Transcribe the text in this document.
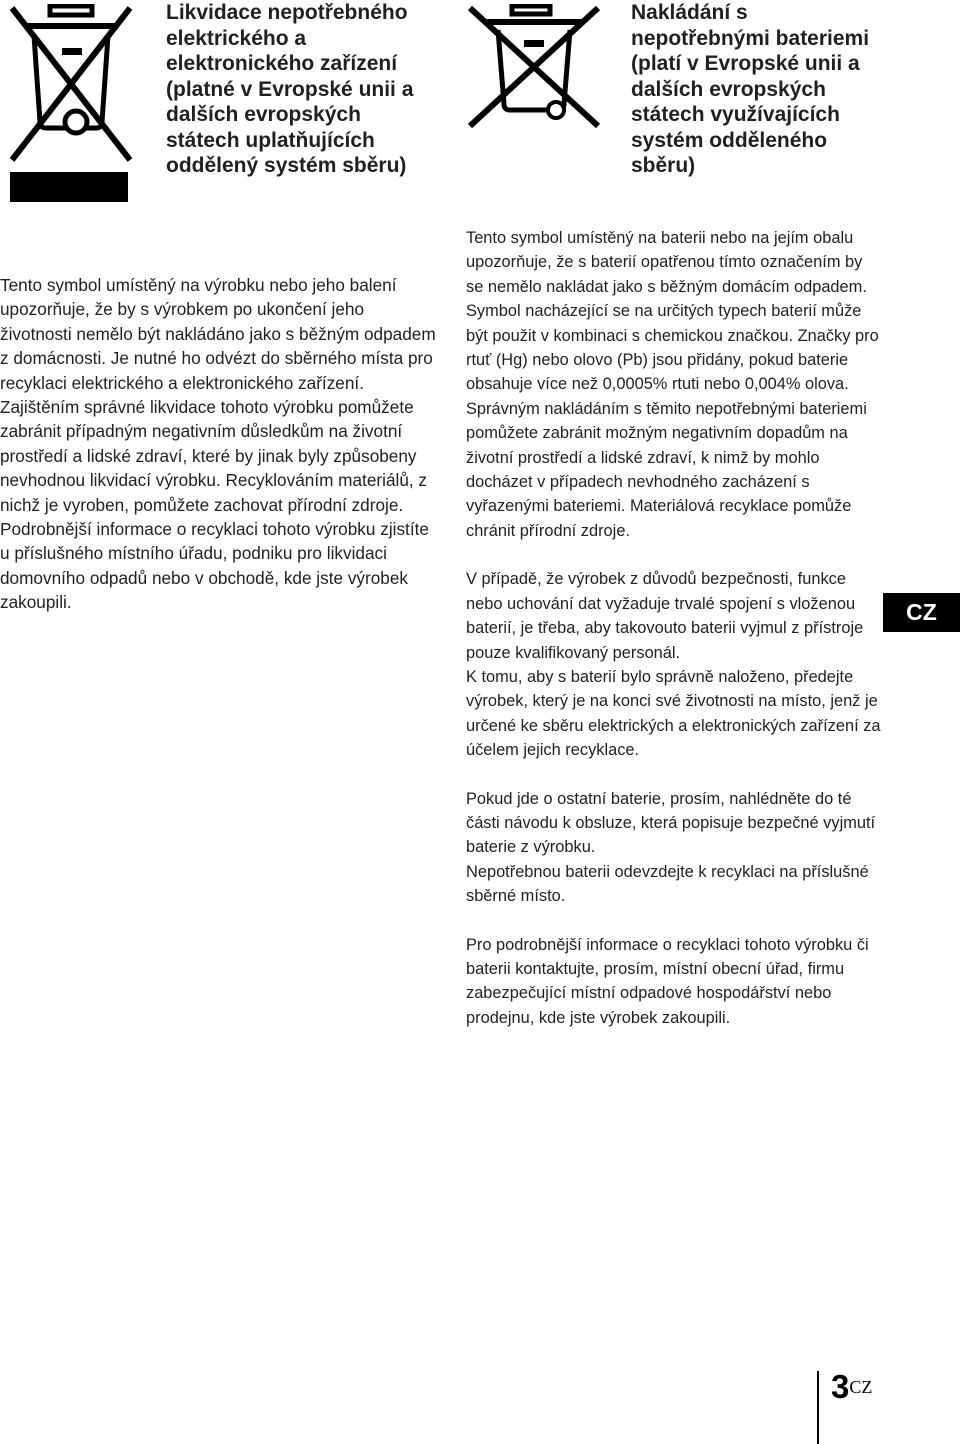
Likvidace nepotřebného elektrického a elektronického zařízení (platné v Evropské unii a dalších evropských státech uplatňujících oddělený systém sběru)

Tento symbol umístěný na výrobku nebo jeho balení upozorňuje, že by s výrobkem po ukončení jeho životnosti nemělo být nakládáno jako s běžným odpadem z domácnosti. Je nutné ho odvézt do sběrného místa pro recyklaci elektrického a elektronického zařízení. Zajištěním správné likvidace tohoto výrobku pomůžete zabránit případným negativním důsledkům na životní prostředí a lidské zdraví, které by jinak byly způsobeny nevhodnou likvidací výrobku. Recyklováním materiálů, z nichž je vyroben, pomůžete zachovat přírodní zdroje. Podrobnější informace o recyklaci tohoto výrobku zjistíte u příslušného místního úřadu, podniku pro likvidaci domovního odpadů nebo v obchodě, kde jste výrobek zakoupili.

Nakládání s nepotřebnými bateriemi (platí v Evropské unii a dalších evropských státech využívajících systém odděleného sběru)

Tento symbol umístěný na baterii nebo na jejím obalu upozorňuje, že s baterií opatřenou tímto označením by se nemělo nakládat jako s běžným domácím odpadem.

Symbol nacházející se na určitých typech baterií může být použit v kombinaci s chemickou značkou. Značky pro rtuť (Hg) nebo olovo (Pb) jsou přidány, pokud baterie obsahuje více než 0,0005% rtuti nebo 0,004% olova.

Správným nakládáním s těmito nepotřebnými bateriemi pomůžete zabránit možným negativním dopadům na životní prostředí a lidské zdraví, k nimž by mohlo docházet v případech nevhodného zacházení s vyřazenými bateriemi. Materiálová recyklace pomůže chránit přírodní zdroje.

V případě, že výrobek z důvodů bezpečnosti, funkce nebo uchování dat vyžaduje trvalé spojení s vloženou baterií, je třeba, aby takovouto baterii vyjmul z přístroje pouze kvalifikovaný personál.

K tomu, aby s baterií bylo správně naloženo, předejte výrobek, který je na konci své životnosti na místo, jenž je určené ke sběru elektrických a elektronických zařízení za účelem jejich recyklace.

Pokud jde o ostatní baterie, prosím, nahlédněte do té části návodu k obsluze, která popisuje bezpečné vyjmutí baterie z výrobku.

Nepotřebnou baterii odevzdejte k recyklaci na příslušné sběrné místo.

Pro podrobnější informace o recyklaci tohoto výrobku či baterii kontaktujte, prosím, místní obecní úřad, firmu zabezpečující místní odpadové hospodářství nebo prodejnu, kde jste výrobek zakoupili.

CZ
$3^{CZ}$
